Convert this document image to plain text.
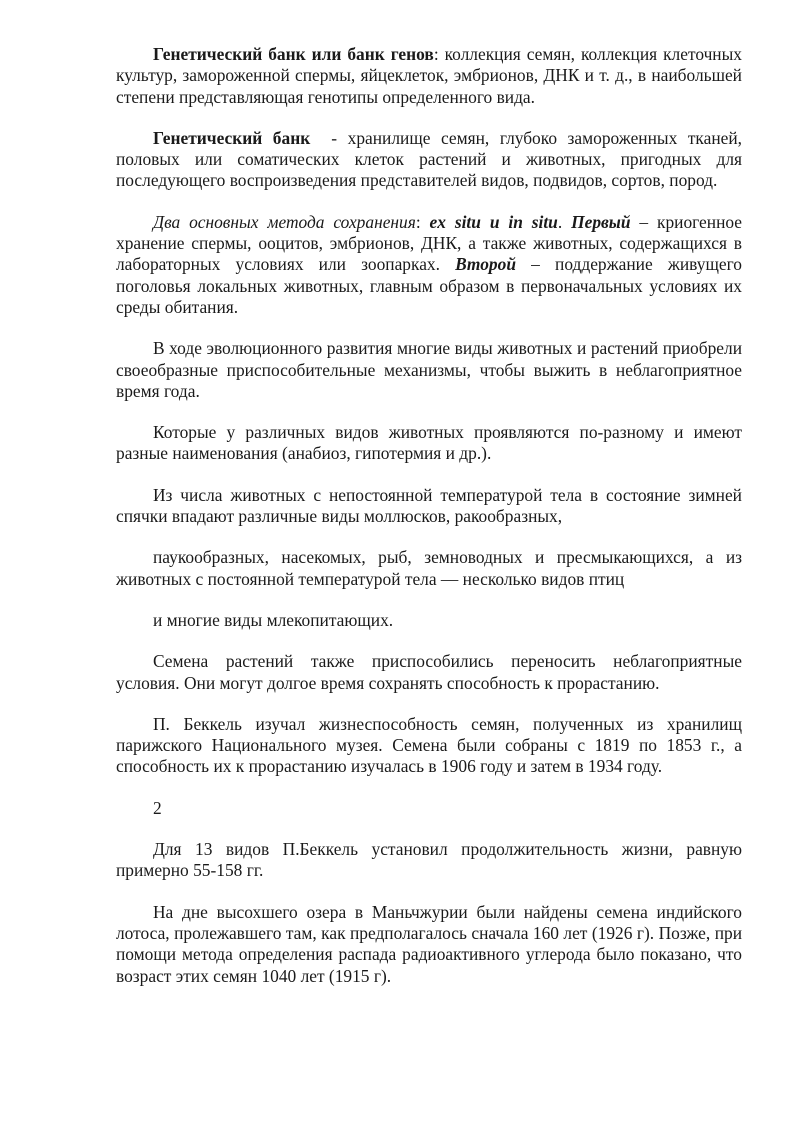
Генетический банк или банк генов: коллекция семян, коллекция клеточных культур, замороженной спермы, яйцеклеток, эмбрионов, ДНК и т. д., в наибольшей степени представляющая генотипы определенного вида.

Генетический банк  - хранилище семян, глубоко замороженных тканей, половых или соматических клеток растений и животных, пригодных для последующего воспроизведения представителей видов, подвидов, сортов, пород.

Два основных метода сохранения: ex situ и in situ. Первый – криогенное хранение спермы, ооцитов, эмбрионов, ДНК, а также животных, содержащихся в лабораторных условиях или зоопарках. Второй – поддержание живущего поголовья локальных животных, главным образом в первоначальных условиях их среды обитания.

В ходе эволюционного развития многие виды животных и растений приобрели своеобразные приспособительные механизмы, чтобы выжить в неблагоприятное время года.

Которые у различных видов животных проявляются по-разному и имеют разные наименования (анабиоз, гипотермия и др.).

Из числа животных с непостоянной температурой тела в состояние зимней спячки впадают различные виды моллюсков, ракообразных,

паукообразных, насекомых, рыб, земноводных и пресмыкающихся, а из животных с постоянной температурой тела — несколько видов птиц

и многие виды млекопитающих.

Семена растений также приспособились переносить неблагоприятные условия. Они могут долгое время сохранять способность к прорастанию.

П. Беккель изучал жизнеспособность семян, полученных из хранилищ парижского Национального музея. Семена были собраны с 1819 по 1853 г., а способность их к прорастанию изучалась в 1906 году и затем в 1934 году.

2

Для 13 видов П.Беккель установил продолжительность жизни, равную примерно 55-158 гг.

На дне высохшего озера в Маньчжурии были найдены семена индийского лотоса, пролежавшего там, как предполагалось сначала 160 лет (1926 г). Позже, при помощи метода определения распада радиоактивного углерода было показано, что возраст этих семян 1040 лет (1915 г).
